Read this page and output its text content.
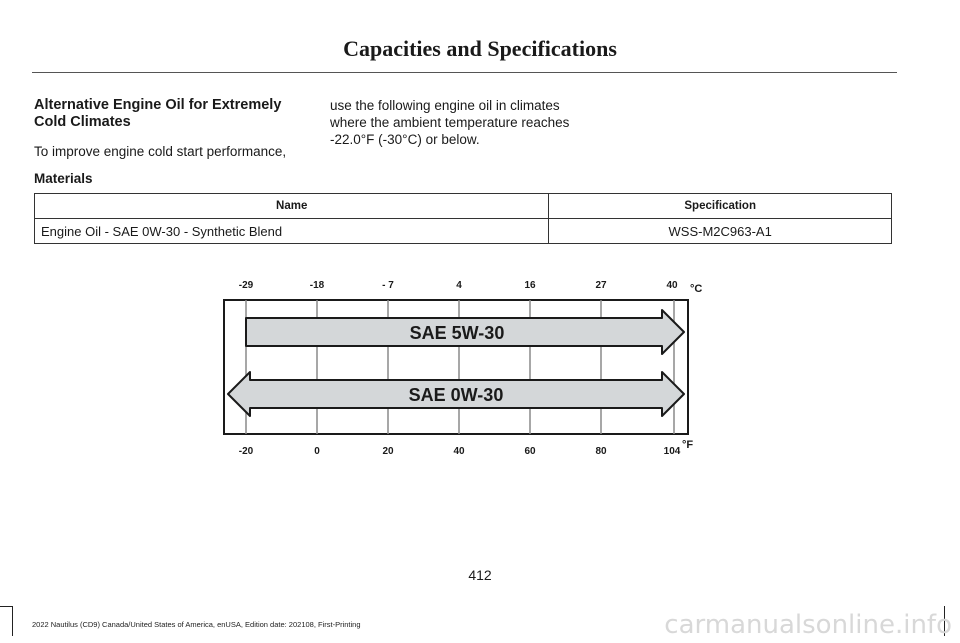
Capacities and Specifications
Alternative Engine Oil for Extremely Cold Climates

To improve engine cold start performance,

use the following engine oil in climates where the ambient temperature reaches -22.0°F (-30°C) or below.

Materials
Name	Specification
Engine Oil - SAE 0W-30 - Synthetic Blend	WSS-M2C963-A1
-29	-18	- 7	4	16	27	40 °C
-20	0	20	40	60	80	104
°F
SAE 5W-30
SAE 0W-30
412
2022 Nautilus (CD9) Canada/United States of America, enUSA, Edition date: 202108, First-Printing	carmanualsonline.info
